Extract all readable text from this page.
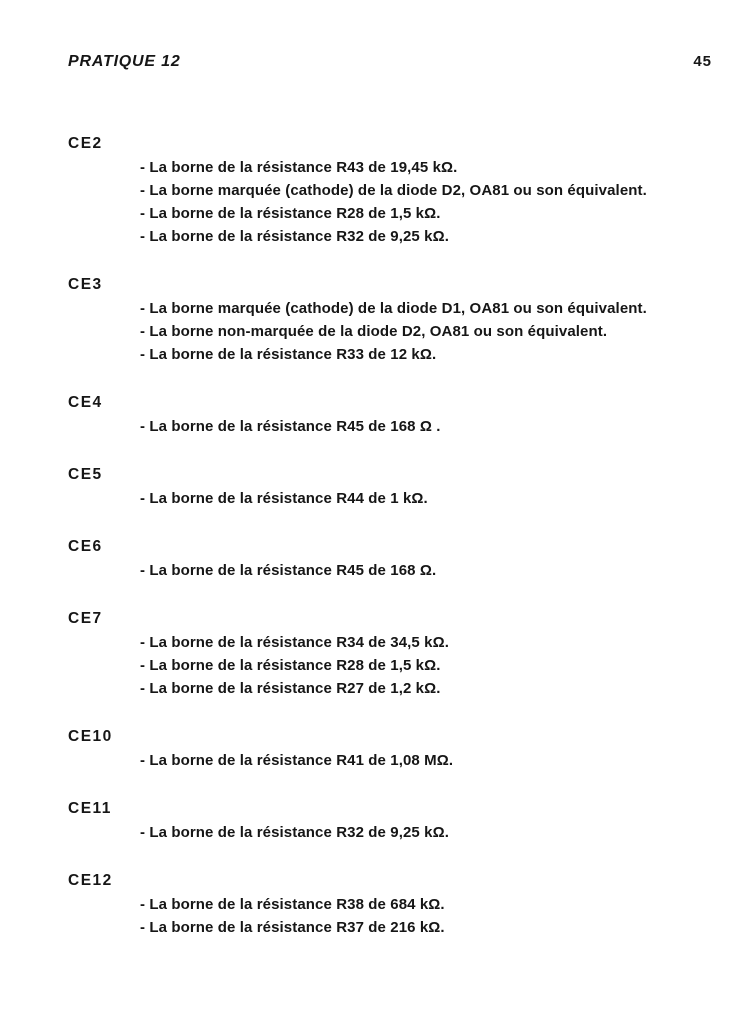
PRATIQUE 12	45
CE2
- La borne de la résistance R43 de 19,45 kΩ.
- La borne marquée (cathode) de la diode D2, OA81 ou son équivalent.
- La borne de la résistance R28 de 1,5 kΩ.
- La borne de la résistance R32 de 9,25 kΩ.
CE3
- La borne marquée (cathode) de la diode D1, OA81 ou son équivalent.
- La borne non-marquée de la diode D2, OA81 ou son équivalent.
- La borne de la résistance R33 de 12 kΩ.
CE4
- La borne de la résistance R45 de 168 Ω .
CE5
- La borne de la résistance R44 de 1 kΩ.
CE6
- La borne de la résistance R45 de 168 Ω.
CE7
- La borne de la résistance R34 de 34,5 kΩ.
- La borne de la résistance R28 de 1,5 kΩ.
- La borne de la résistance R27 de 1,2 kΩ.
CE10
- La borne de la résistance R41 de 1,08 MΩ.
CE11
- La borne de la résistance R32 de 9,25 kΩ.
CE12
- La borne de la résistance R38 de 684 kΩ.
- La borne de la résistance R37 de 216 kΩ.
